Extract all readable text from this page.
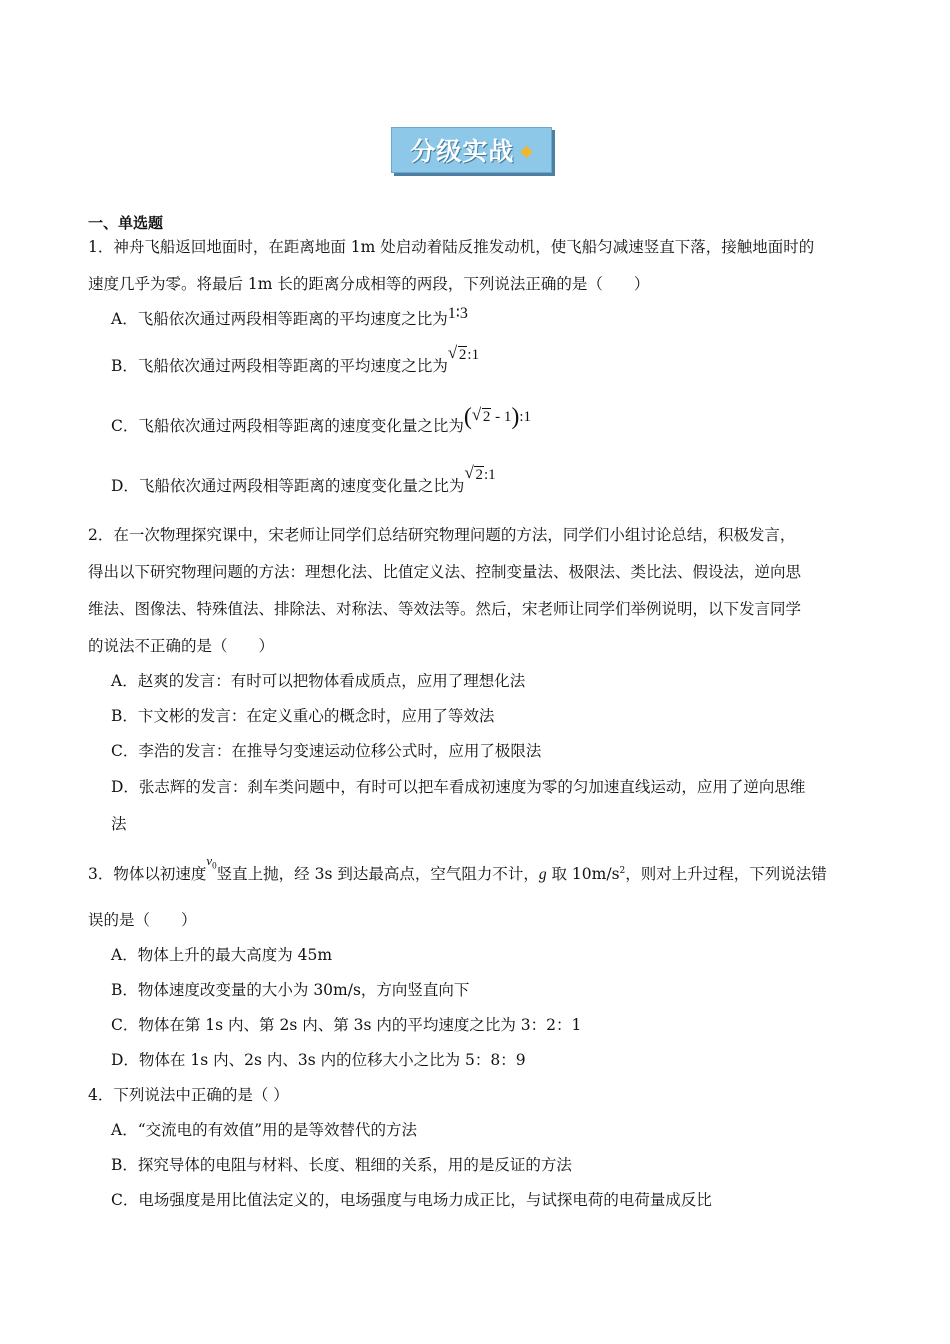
分级实战 ◆
一、单选题
1．神舟飞船返回地面时，在距离地面 1m 处启动着陆反推发动机，使飞船匀减速竖直下落，接触地面时的
速度几乎为零。将最后 1m 长的距离分成相等的两段，下列说法正确的是（　　）
A．飞船依次通过两段相等距离的平均速度之比为1∶3
B．飞船依次通过两段相等距离的平均速度之比为√ 2:1
C．飞船依次通过两段相等距离的速度变化量之比为(√ 2 - 1):1
D．飞船依次通过两段相等距离的速度变化量之比为√ 2:1
2．在一次物理探究课中，宋老师让同学们总结研究物理问题的方法，同学们小组讨论总结，积极发言，
得出以下研究物理问题的方法：理想化法、比值定义法、控制变量法、极限法、类比法、假设法，逆向思
维法、图像法、特殊值法、排除法、对称法、等效法等。然后，宋老师让同学们举例说明，以下发言同学
的说法不正确的是（　　）
A．赵爽的发言：有时可以把物体看成质点，应用了理想化法
B．卞文彬的发言：在定义重心的概念时，应用了等效法
C．李浩的发言：在推导匀变速运动位移公式时，应用了极限法
D．张志辉的发言：刹车类问题中，有时可以把车看成初速度为零的匀加速直线运动，应用了逆向思维
法
3．物体以初速度$^{v_0}$竖直上抛，经 3s 到达最高点，空气阻力不计，g 取 $10m/s^2$，则对上升过程，下列说法错
误的是（　　）
A．物体上升的最大高度为 45m
B．物体速度改变量的大小为 30m/s，方向竖直向下
C．物体在第 1s 内、第 2s 内、第 3s 内的平均速度之比为 3：2：1
D．物体在 1s 内、2s 内、3s 内的位移大小之比为 5：8：9
4．下列说法中正确的是（ ）
A．“交流电的有效值”用的是等效替代的方法
B．探究导体的电阻与材料、长度、粗细的关系，用的是反证的方法
C．电场强度是用比值法定义的，电场强度与电场力成正比，与试探电荷的电荷量成反比
